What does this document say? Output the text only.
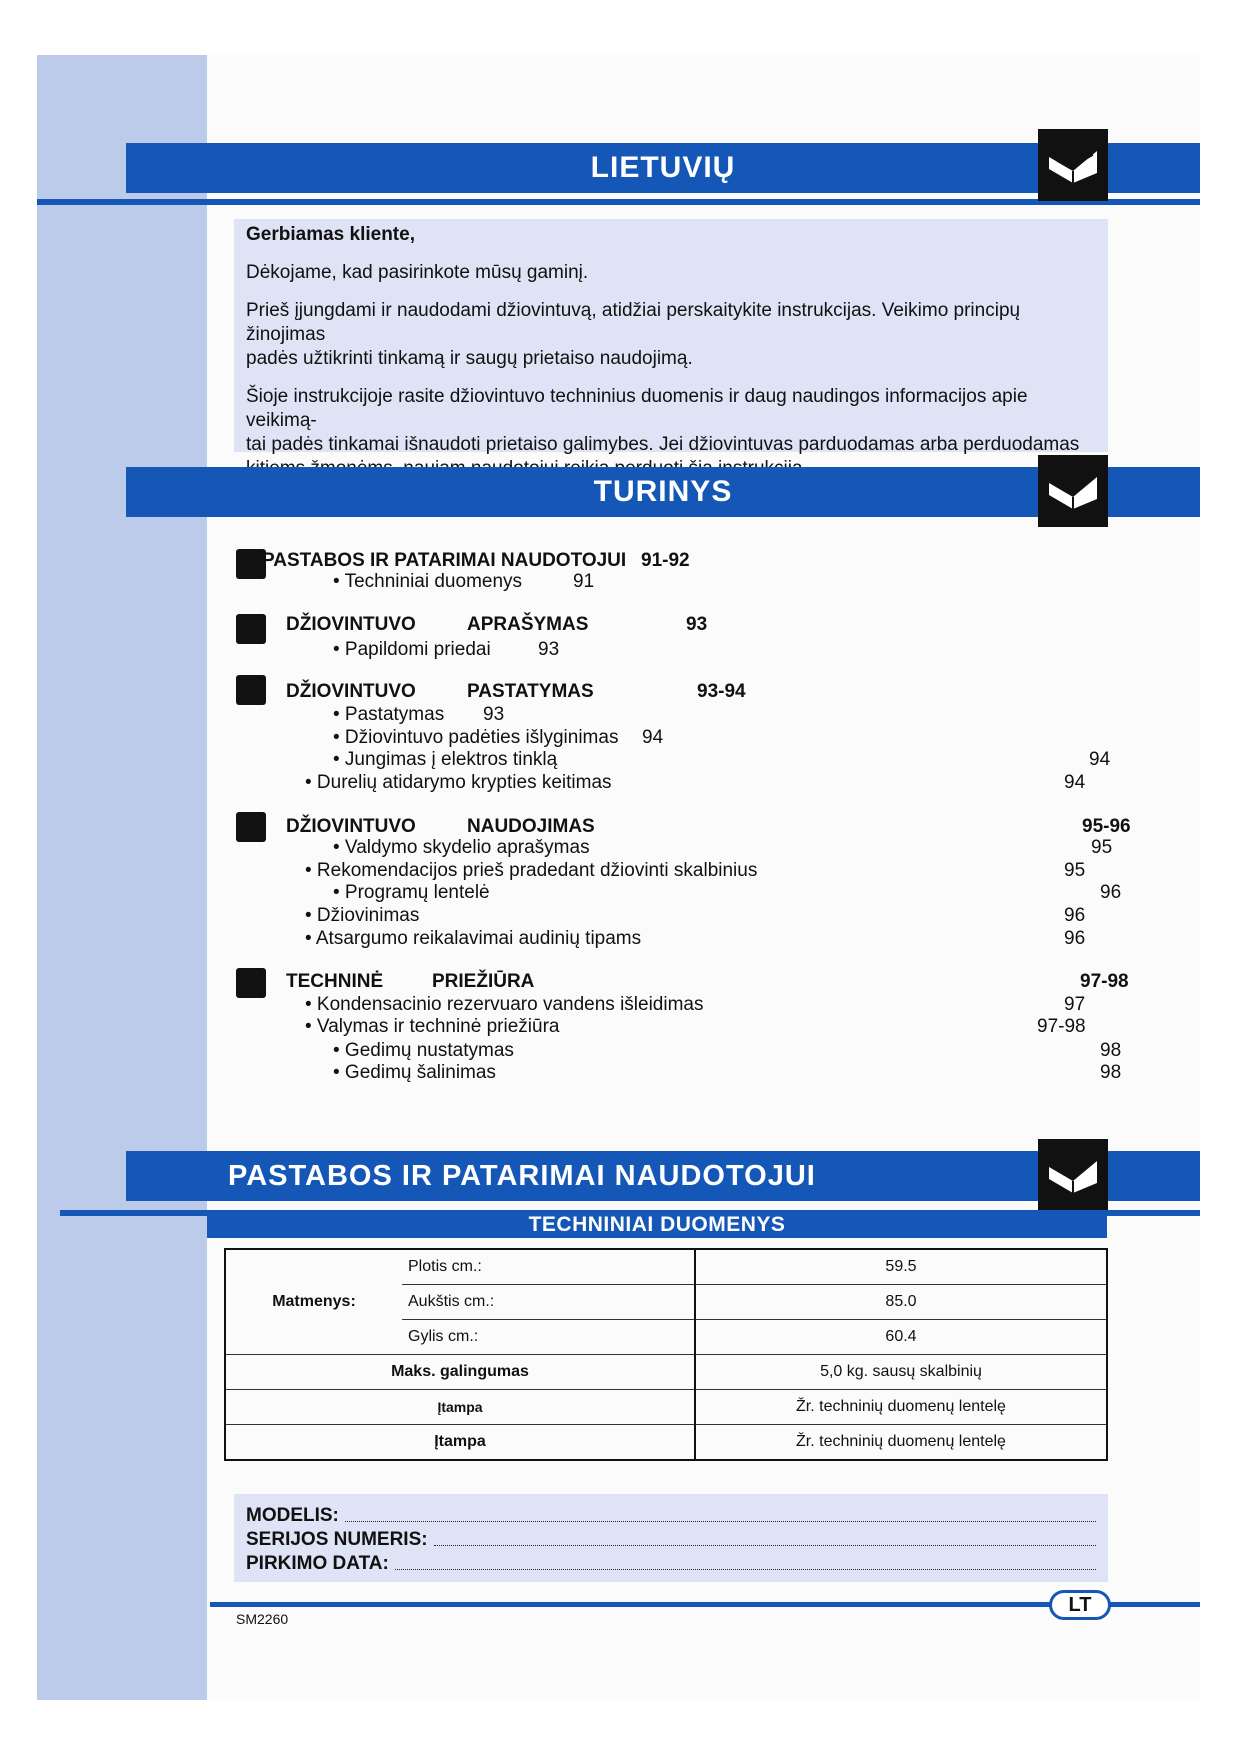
LIETUVIŲ	91

Gerbiamas kliente,

Dėkojame, kad pasirinkote mūsų gaminį.

Prieš įjungdami ir naudodami džiovintuvą, atidžiai perskaitykite instrukcijas. Veikimo principų žinojimas

padės užtikrinti tinkamą ir saugų prietaiso naudojimą.

Šioje instrukcijoje rasite džiovintuvo techninius duomenis ir daug naudingos informacijos apie veikimą-

tai padės tinkamai išnaudoti prietaiso galimybes. Jei džiovintuvas parduodamas arba perduodamas

TURINYS
PASTABOS IR PATARIMAI NAUDOTOJUI 91-92
• Techniniai duomenys	91
DŽIOVINTUVO	APRAŠYMAS	93
• Papildomi priedai 93
DŽIOVINTUVO	PASTATYMAS	93-94
• Pastatymas 93
• Džiovintuvo padėties išlyginimas 94
• Jungimas į elektros tinklą	94
• Durelių atidarymo krypties keitimas	94
DŽIOVINTUVO	NAUDOJIMAS	95-96
• Valdymo skydelio aprašymas	95
• Rekomendacijos prieš pradedant džiovinti skalbinius	95
• Programų lentelė	96
• Džiovinimas	96
• Atsargumo reikalavimai audinių tipams	96
TECHNINĖ	PRIEŽIŪRA	97-98
• Kondensacinio rezervuaro vandens išleidimas	97
• Valymas ir techninė priežiūra	97-98
• Gedimų nustatymas	98
• Gedimų šalinimas	98
PASTABOS IR PATARIMAI NAUDOTOJUI
TECHNINIAI DUOMENYS
Matmenys:	Plotis cm.:	59.5
	Aukštis cm.:	85.0
	Gylis cm.:	60.4
Maks. galingumas		5,0 kg. sausų skalbinių
Įtampa		Žr. techninių duomenų lentelę
Įtampa		Žr. techninių duomenų lentelę
MODELIS:
SERIJOS NUMERIS:
PIRKIMO DATA:
LT
SM2260
